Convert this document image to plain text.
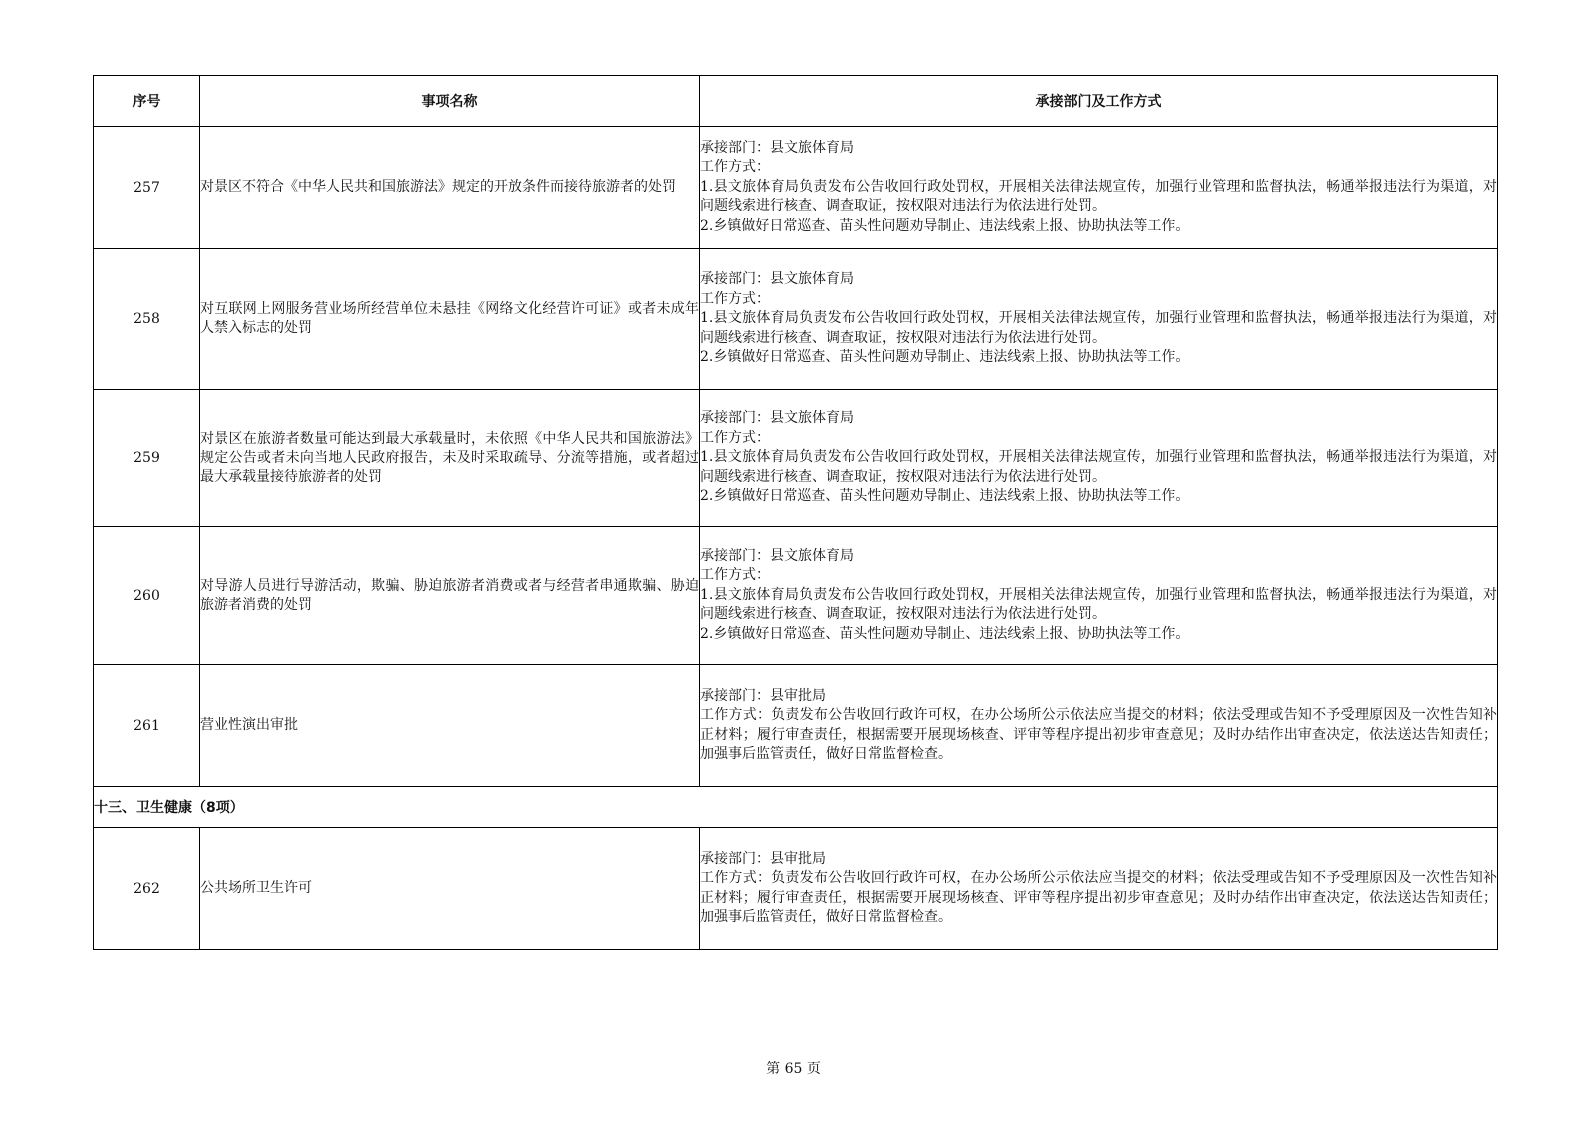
序号	事项名称	承接部门及工作方式
257	对景区不符合《中华人民共和国旅游法》规定的开放条件而接待旅游者的处罚	承接部门：县文旅体育局
工作方式：
1.县文旅体育局负责发布公告收回行政处罚权，开展相关法律法规宣传，加强行业管理和监督执法，畅通举报违法行为渠道，对问题线索进行核查、调查取证，按权限对违法行为依法进行处罚。
2.乡镇做好日常巡查、苗头性问题劝导制止、违法线索上报、协助执法等工作。

258	对互联网上网服务营业场所经营单位未悬挂《网络文化经营许可证》或者未成年人禁入标志的处罚	承接部门：县文旅体育局
工作方式：
1.县文旅体育局负责发布公告收回行政处罚权，开展相关法律法规宣传，加强行业管理和监督执法，畅通举报违法行为渠道，对问题线索进行核查、调查取证，按权限对违法行为依法进行处罚。
2.乡镇做好日常巡查、苗头性问题劝导制止、违法线索上报、协助执法等工作。

259	对景区在旅游者数量可能达到最大承载量时，未依照《中华人民共和国旅游法》规定公告或者未向当地人民政府报告，未及时采取疏导、分流等措施，或者超过最大承载量接待旅游者的处罚	承接部门：县文旅体育局
工作方式：
1.县文旅体育局负责发布公告收回行政处罚权，开展相关法律法规宣传，加强行业管理和监督执法，畅通举报违法行为渠道，对问题线索进行核查、调查取证，按权限对违法行为依法进行处罚。
2.乡镇做好日常巡查、苗头性问题劝导制止、违法线索上报、协助执法等工作。

260	对导游人员进行导游活动，欺骗、胁迫旅游者消费或者与经营者串通欺骗、胁迫旅游者消费的处罚	承接部门：县文旅体育局
工作方式：
1.县文旅体育局负责发布公告收回行政处罚权，开展相关法律法规宣传，加强行业管理和监督执法，畅通举报违法行为渠道，对问题线索进行核查、调查取证，按权限对违法行为依法进行处罚。
2.乡镇做好日常巡查、苗头性问题劝导制止、违法线索上报、协助执法等工作。

261	营业性演出审批	承接部门：县审批局
工作方式：负责发布公告收回行政许可权，在办公场所公示依法应当提交的材料；依法受理或告知不予受理原因及一次性告知补正材料；履行审查责任，根据需要开展现场核查、评审等程序提出初步审查意见；及时办结作出审查决定，依法送达告知责任；加强事后监管责任，做好日常监督检查。

十三、卫生健康（8项）		
262	公共场所卫生许可	承接部门：县审批局
工作方式：负责发布公告收回行政许可权，在办公场所公示依法应当提交的材料；依法受理或告知不予受理原因及一次性告知补正材料；履行审查责任，根据需要开展现场核查、评审等程序提出初步审查意见；及时办结作出审查决定，依法送达告知责任；加强事后监管责任，做好日常监督检查。
第 65 页
